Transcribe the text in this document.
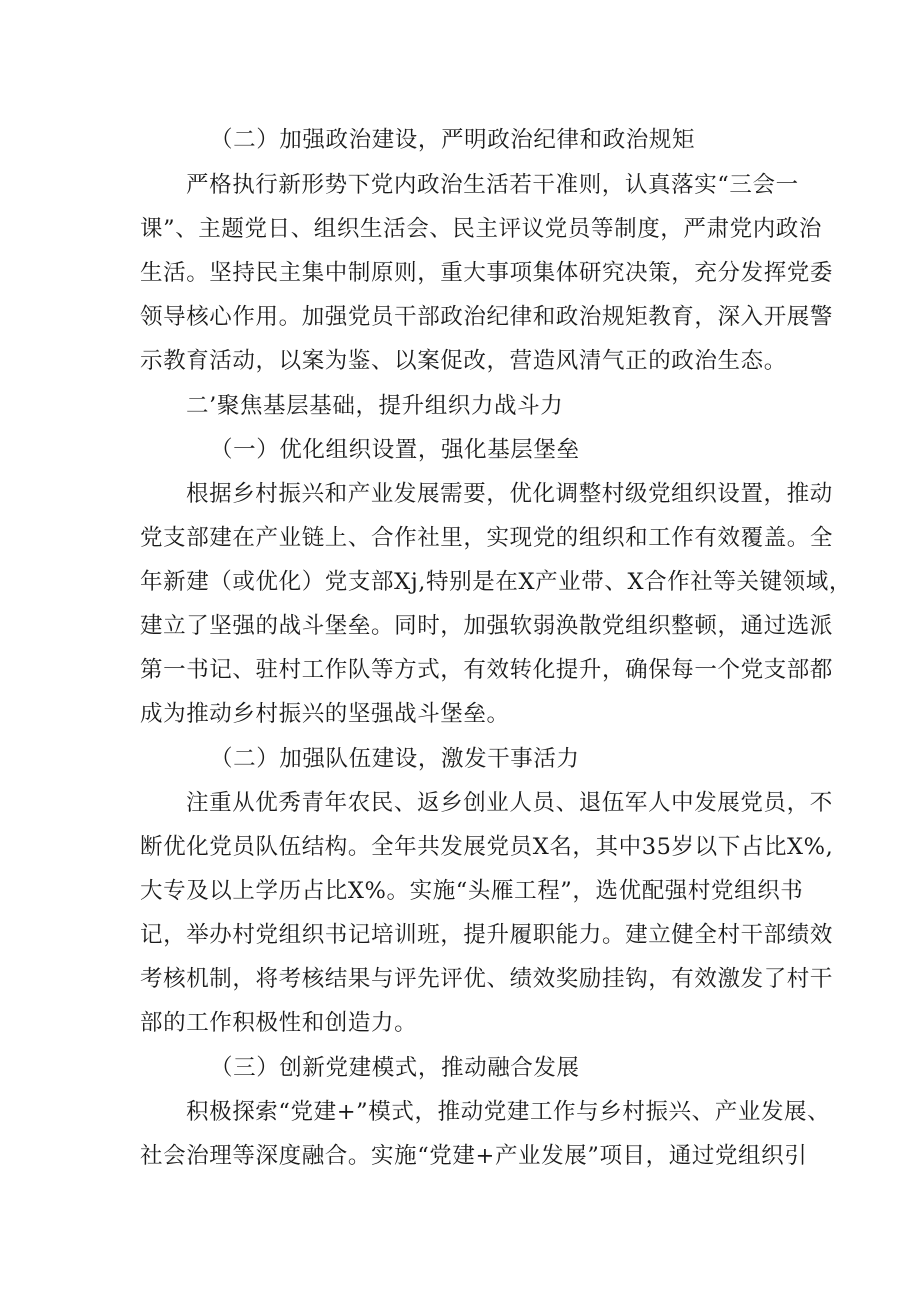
（二）加强政治建设，严明政治纪律和政治规矩
严格执行新形势下党内政治生活若干准则，认真落实“三会一
课”、主题党日、组织生活会、民主评议党员等制度，严肃党内政治
生活。坚持民主集中制原则，重大事项集体研究决策，充分发挥党委
领导核心作用。加强党员干部政治纪律和政治规矩教育，深入开展警
示教育活动，以案为鉴、以案促改，营造风清气正的政治生态。
二’聚焦基层基础，提升组织力战斗力
（一）优化组织设置，强化基层堡垒
根据乡村振兴和产业发展需要，优化调整村级党组织设置，推动
党支部建在产业链上、合作社里，实现党的组织和工作有效覆盖。全
年新建（或优化）党支部Xj,特别是在X产业带、X合作社等关键领域，
建立了坚强的战斗堡垒。同时，加强软弱涣散党组织整顿，通过选派
第一书记、驻村工作队等方式，有效转化提升，确保每一个党支部都
成为推动乡村振兴的坚强战斗堡垒。
（二）加强队伍建设，激发干事活力
注重从优秀青年农民、返乡创业人员、退伍军人中发展党员，不
断优化党员队伍结构。全年共发展党员X名，其中35岁以下占比X%,
大专及以上学历占比X%。实施“头雁工程”，选优配强村党组织书
记，举办村党组织书记培训班，提升履职能力。建立健全村干部绩效
考核机制，将考核结果与评先评优、绩效奖励挂钩，有效激发了村干
部的工作积极性和创造力。
（三）创新党建模式，推动融合发展
积极探索“党建+”模式，推动党建工作与乡村振兴、产业发展、
社会治理等深度融合。实施“党建+产业发展”项目，通过党组织引
